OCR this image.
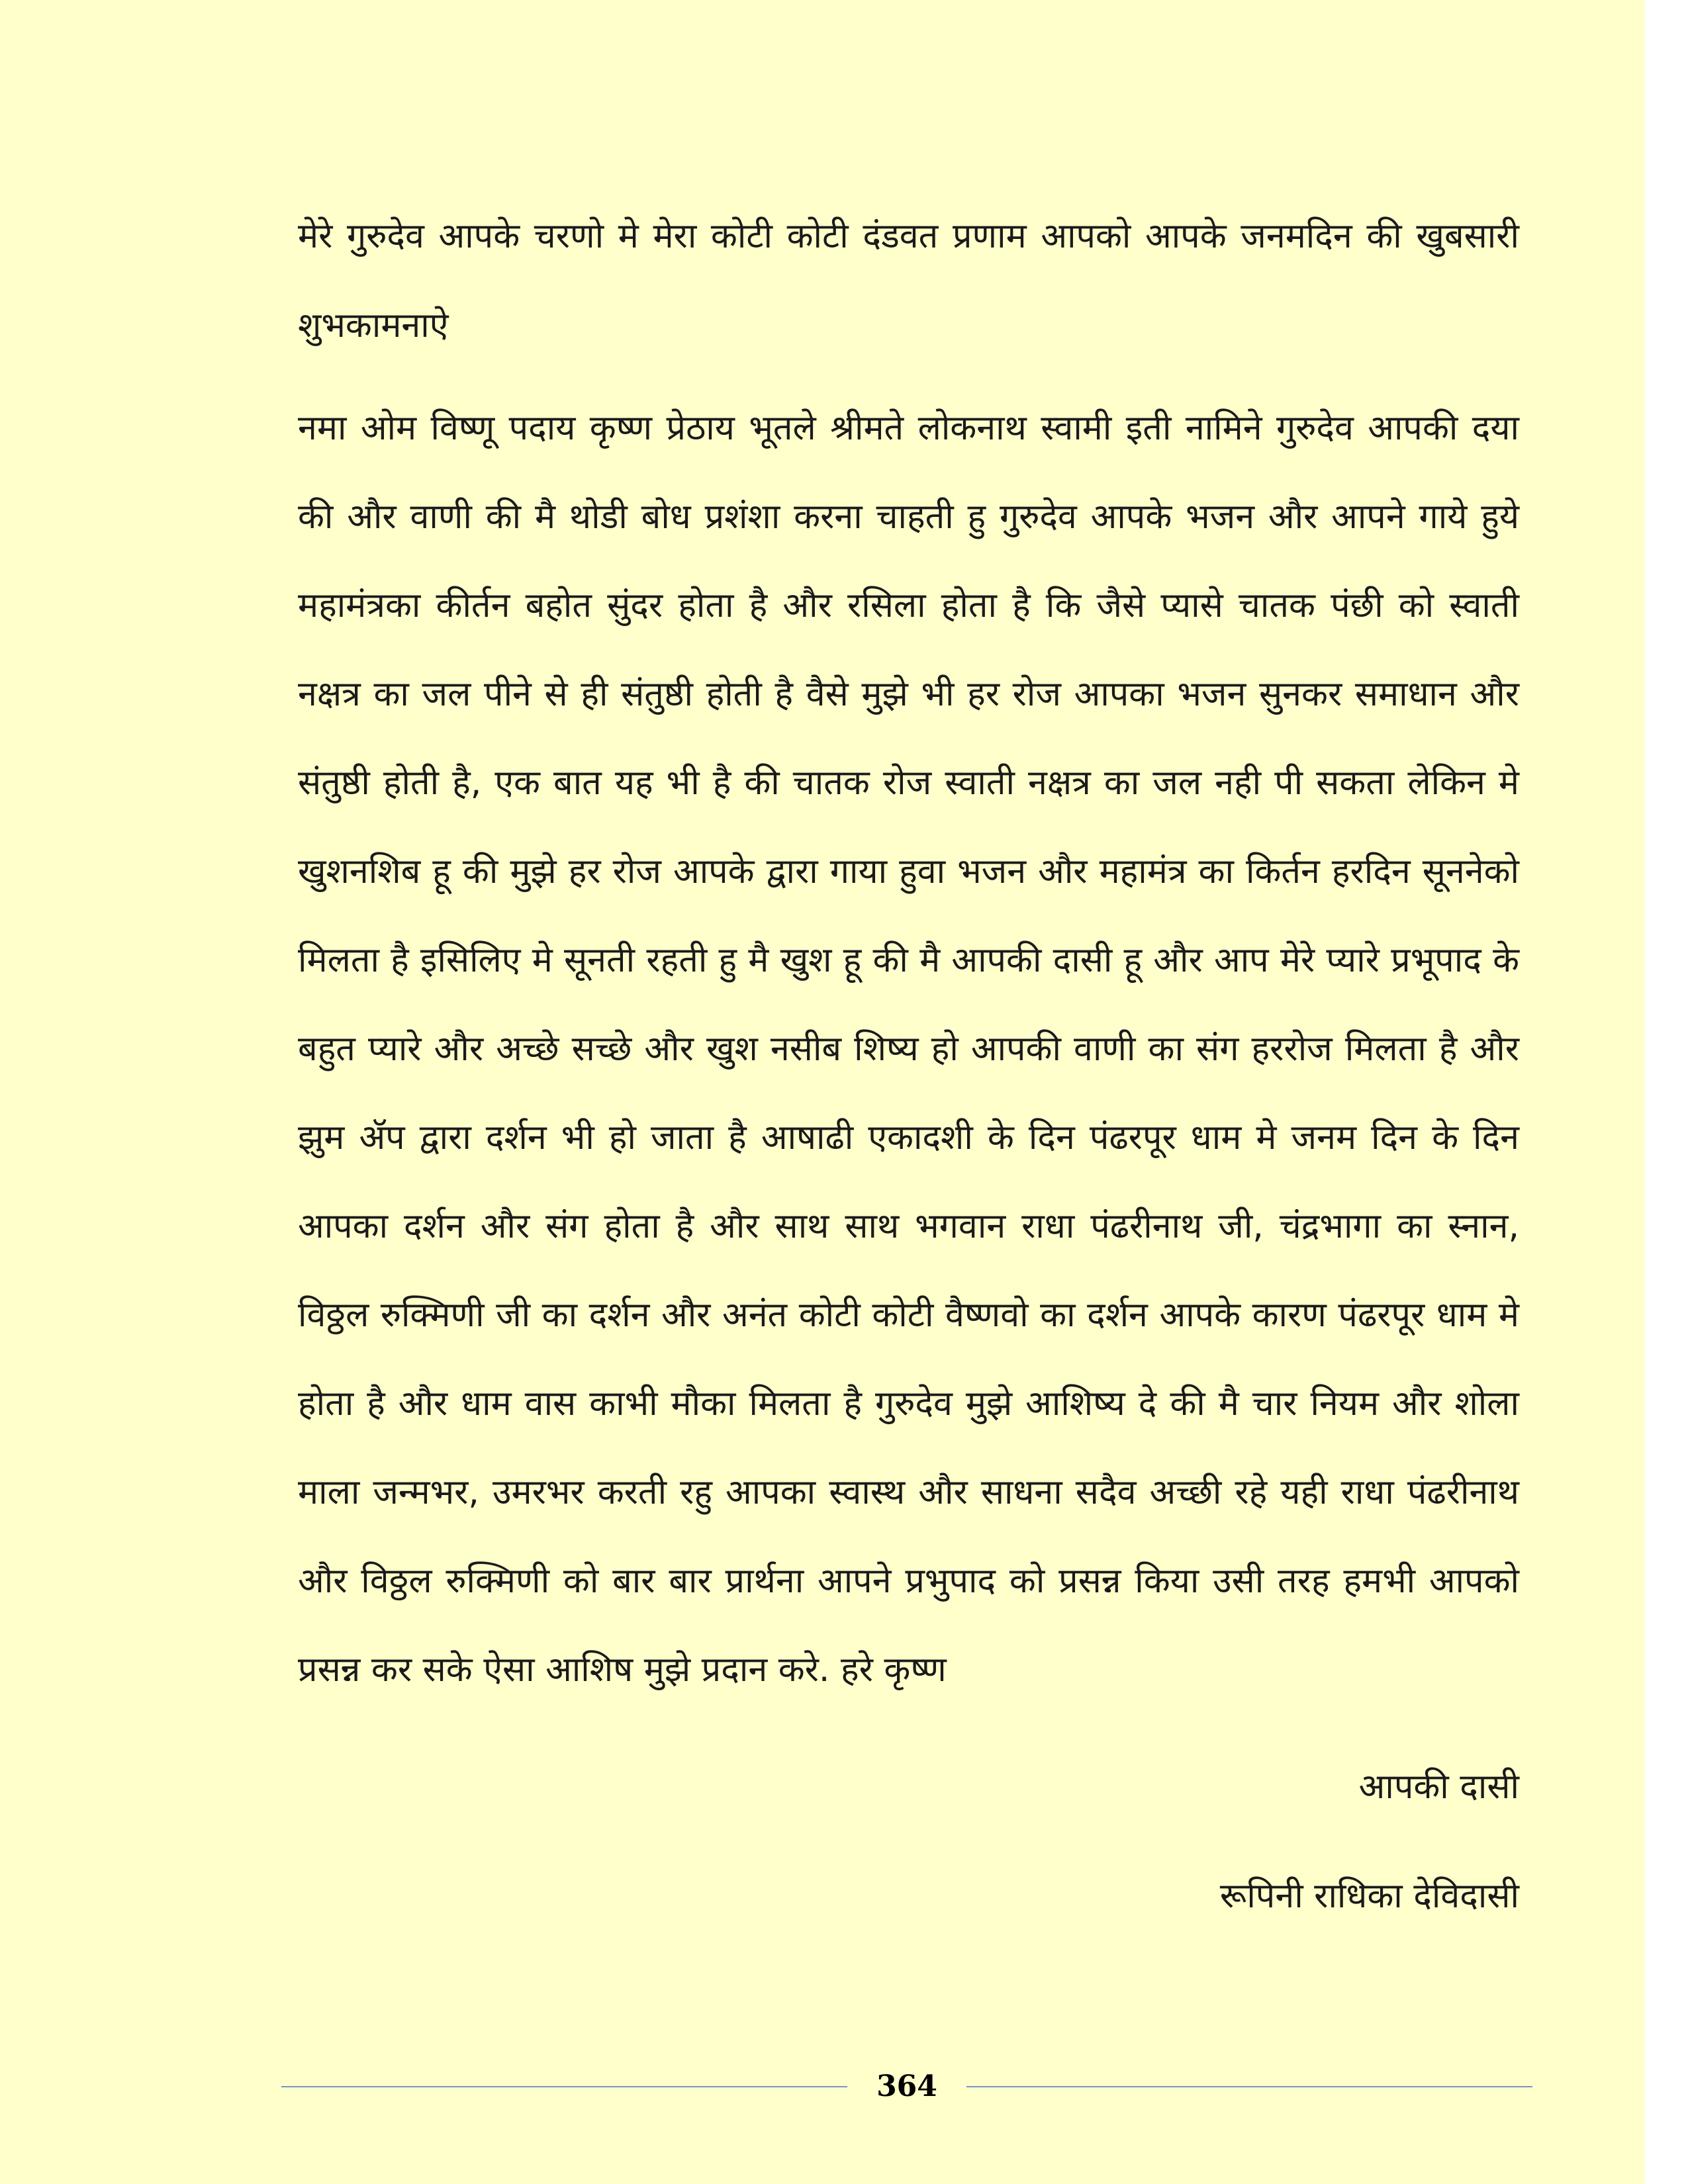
मेरे गुरुदेव आपके चरणो मे मेरा कोटी कोटी दंडवत प्रणाम आपको आपके जनमदिन की खुबसारी शुभकामनाऐ

नमा ओम विष्णू पदाय कृष्ण प्रेठाय भूतले श्रीमते लोकनाथ स्वामी इती नामिने गुरुदेव आपकी दया की और वाणी की मै थोडी बोध प्रशंशा करना चाहती हु गुरुदेव आपके भजन और आपने गाये हुये महामंत्रका कीर्तन बहोत सुंदर होता है और रसिला होता है कि जैसे प्यासे चातक पंछी को स्वाती नक्षत्र का जल पीने से ही संतुष्ठी होती है वैसे मुझे भी हर रोज आपका भजन सुनकर समाधान और संतुष्ठी होती है, एक बात यह भी है की चातक रोज स्वाती नक्षत्र का जल नही पी सकता लेकिन मे खुशनशिब हू की मुझे हर रोज आपके द्वारा गाया हुवा भजन और महामंत्र का किर्तन हरदिन सूननेको मिलता है इसिलिए मे सूनती रहती हु मै खुश हू की मै आपकी दासी हू और आप मेरे प्यारे प्रभूपाद के बहुत प्यारे और अच्छे सच्छे और खुश नसीब शिष्य हो आपकी वाणी का संग हररोज मिलता है और झुम ॲप द्वारा दर्शन भी हो जाता है आषाढी एकादशी के दिन पंढरपूर धाम मे जनम दिन के दिन आपका दर्शन और संग होता है और साथ साथ भगवान राधा पंढरीनाथ जी, चंद्रभागा का स्नान, विठ्ठल रुक्मिणी जी का दर्शन और अनंत कोटी कोटी वैष्णवो का दर्शन आपके कारण पंढरपूर धाम मे होता है और धाम वास काभी मौका मिलता है गुरुदेव मुझे आशिष्य दे की मै चार नियम और शोला माला जन्मभर, उमरभर करती रहु आपका स्वास्थ और साधना सदैव अच्छी रहे यही राधा पंढरीनाथ और विठ्ठल रुक्मिणी को बार बार प्रार्थना आपने प्रभुपाद को प्रसन्न किया उसी तरह हमभी आपको प्रसन्न कर सके ऐसा आशिष मुझे प्रदान करे. हरे कृष्ण

आपकी दासी

रूपिनी राधिका देविदासी

364
